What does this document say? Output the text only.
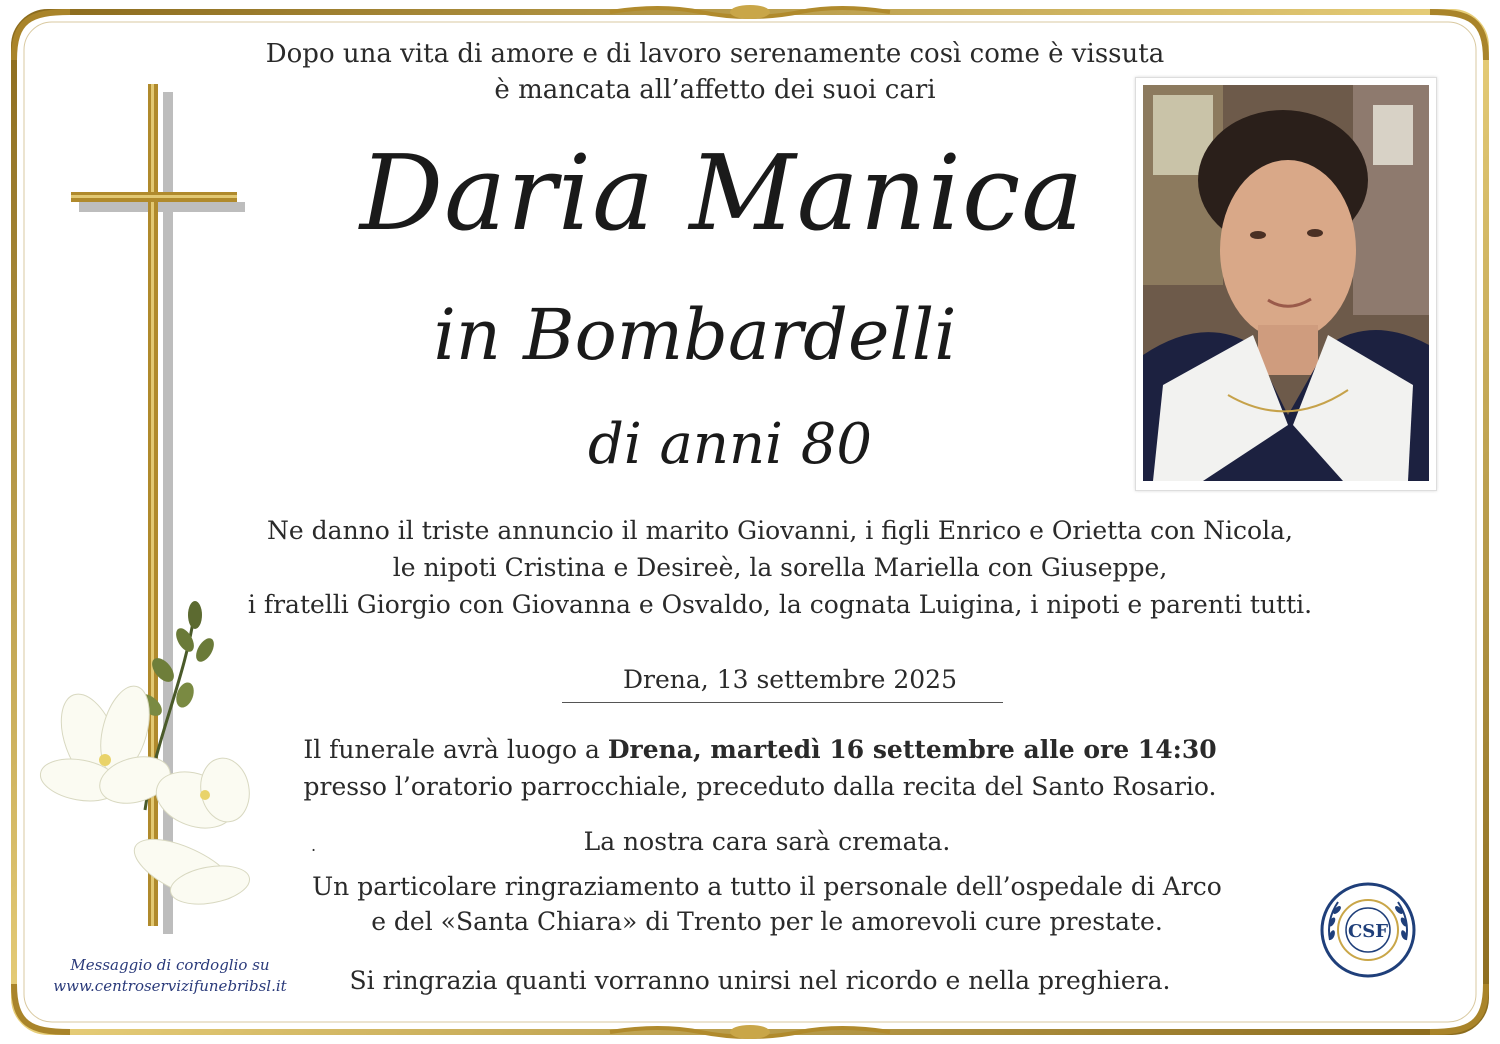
Dopo una vita di amore e di lavoro serenamente così come è vissuta
è mancata all’affetto dei suoi cari
Daria Manica
in Bombardelli
di anni 80
Ne danno il triste annuncio il marito Giovanni, i figli Enrico e Orietta con Nicola,
le nipoti Cristina e Desireè, la sorella Mariella con Giuseppe,
i fratelli Giorgio con Giovanna e Osvaldo, la cognata Luigina, i nipoti e parenti tutti.
Drena, 13 settembre 2025
Il funerale avrà luogo a Drena, martedì 16 settembre alle ore 14:30
presso l’oratorio parrocchiale, preceduto dalla recita del Santo Rosario.
.	La nostra cara sarà cremata.
Un particolare ringraziamento a tutto il personale dell’ospedale di Arco
e del «Santa Chiara» di Trento per le amorevoli cure prestate.
Si ringrazia quanti vorranno unirsi nel ricordo e nella preghiera.
Messaggio di cordoglio su
www.centroservizifunebribsl.it
CSF
